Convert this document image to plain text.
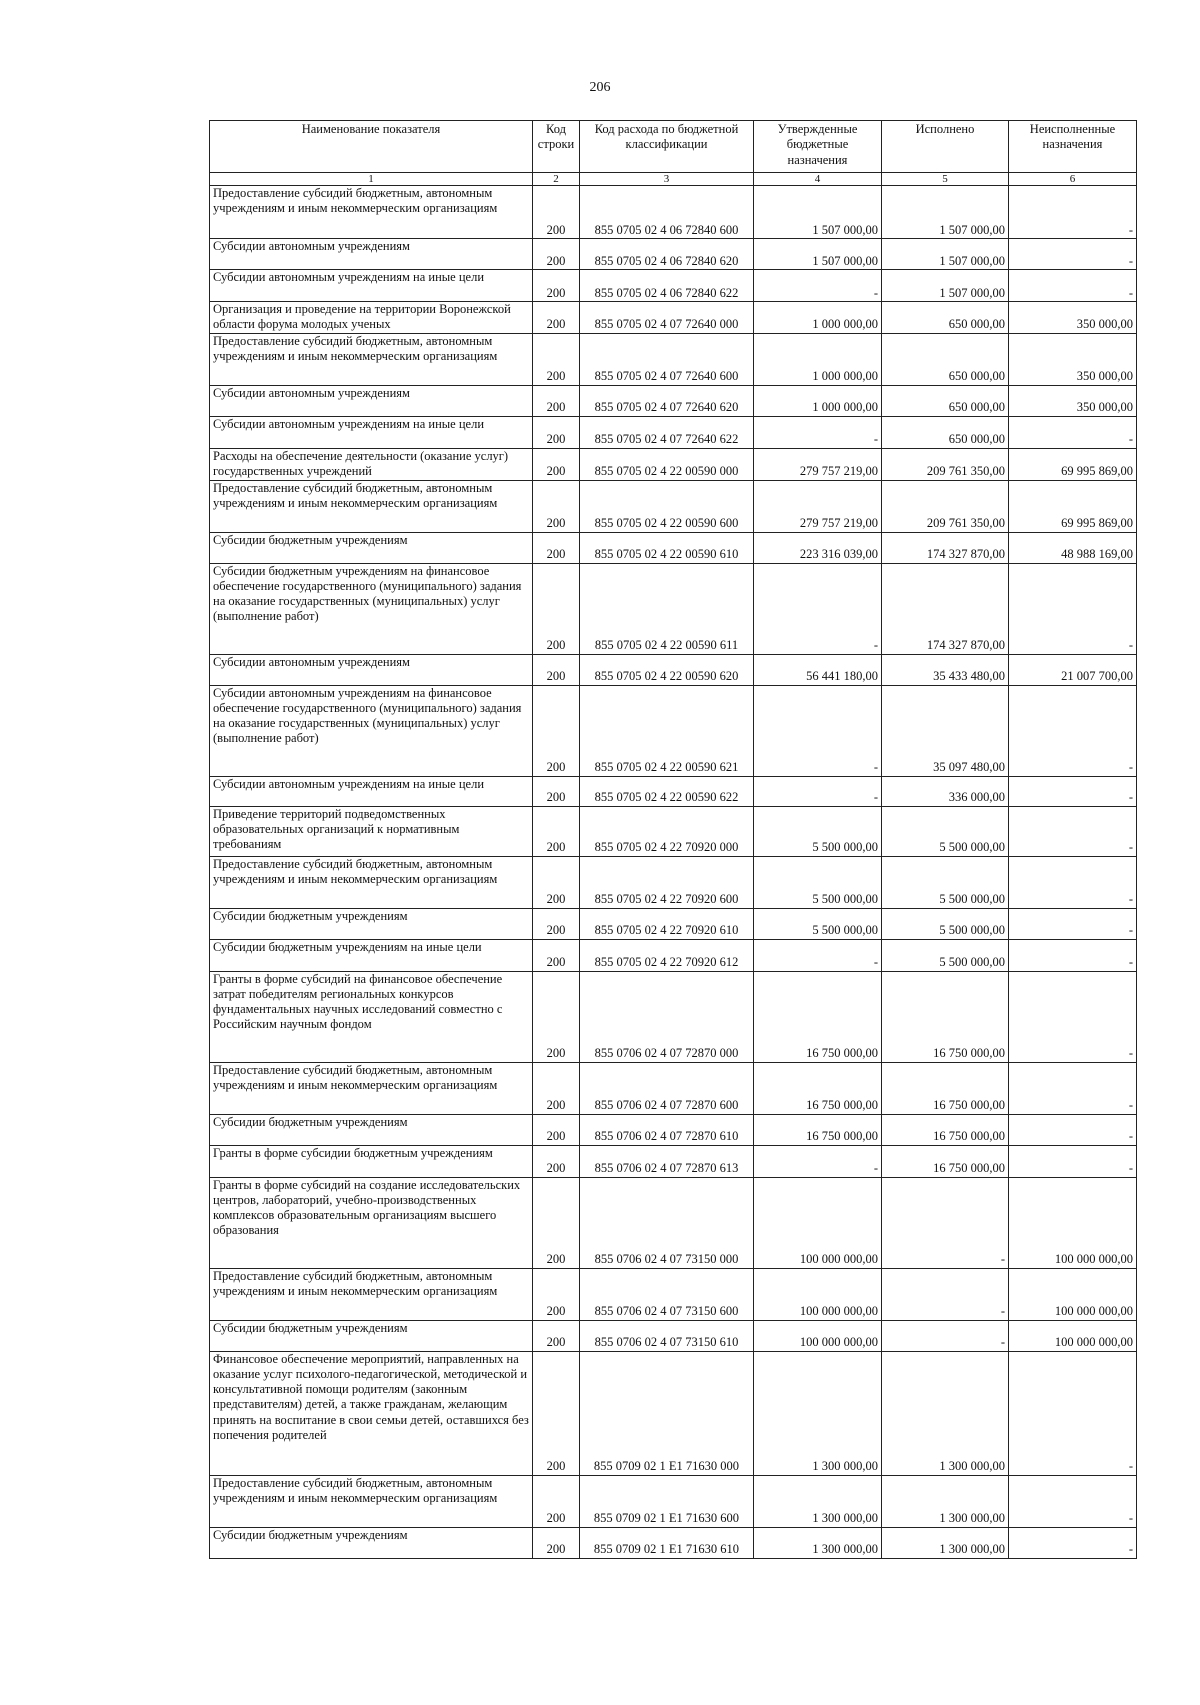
206
Наименование показателя	Код строки	Код расхода по бюджетной классификации	Утвержденные бюджетные назначения	Исполнено	Неисполненные назначения
1	2	3	4	5	6
Предоставление субсидий бюджетным, автономным учреждениям и иным некоммерческим организациям	200	855 0705 02 4 06 72840 600	1 507 000,00	1 507 000,00	-
Субсидии автономным учреждениям	200	855 0705 02 4 06 72840 620	1 507 000,00	1 507 000,00	-
Субсидии автономным учреждениям на иные цели	200	855 0705 02 4 06 72840 622	-	1 507 000,00	-
Организация и проведение на территории Воронежской области форума молодых ученых	200	855 0705 02 4 07 72640 000	1 000 000,00	650 000,00	350 000,00
Предоставление субсидий бюджетным, автономным учреждениям и иным некоммерческим организациям	200	855 0705 02 4 07 72640 600	1 000 000,00	650 000,00	350 000,00
Субсидии автономным учреждениям	200	855 0705 02 4 07 72640 620	1 000 000,00	650 000,00	350 000,00
Субсидии автономным учреждениям на иные цели	200	855 0705 02 4 07 72640 622	-	650 000,00	-
Расходы на обеспечение деятельности (оказание услуг) государственных учреждений	200	855 0705 02 4 22 00590 000	279 757 219,00	209 761 350,00	69 995 869,00
Предоставление субсидий бюджетным, автономным учреждениям и иным некоммерческим организациям	200	855 0705 02 4 22 00590 600	279 757 219,00	209 761 350,00	69 995 869,00
Субсидии бюджетным учреждениям	200	855 0705 02 4 22 00590 610	223 316 039,00	174 327 870,00	48 988 169,00
Субсидии бюджетным учреждениям на финансовое обеспечение государственного (муниципального) задания на оказание государственных (муниципальных) услуг (выполнение работ)	200	855 0705 02 4 22 00590 611	-	174 327 870,00	-
Субсидии автономным учреждениям	200	855 0705 02 4 22 00590 620	56 441 180,00	35 433 480,00	21 007 700,00
Субсидии автономным учреждениям на финансовое обеспечение государственного (муниципального) задания на оказание государственных (муниципальных) услуг (выполнение работ)	200	855 0705 02 4 22 00590 621	-	35 097 480,00	-
Субсидии автономным учреждениям на иные цели	200	855 0705 02 4 22 00590 622	-	336 000,00	-
Приведение территорий подведомственных образовательных организаций к нормативным требованиям	200	855 0705 02 4 22 70920 000	5 500 000,00	5 500 000,00	-
Предоставление субсидий бюджетным, автономным учреждениям и иным некоммерческим организациям	200	855 0705 02 4 22 70920 600	5 500 000,00	5 500 000,00	-
Субсидии бюджетным учреждениям	200	855 0705 02 4 22 70920 610	5 500 000,00	5 500 000,00	-
Субсидии бюджетным учреждениям на иные цели	200	855 0705 02 4 22 70920 612	-	5 500 000,00	-
Гранты в форме субсидий на финансовое обеспечение затрат победителям региональных конкурсов фундаментальных научных исследований совместно с Российским научным фондом	200	855 0706 02 4 07 72870 000	16 750 000,00	16 750 000,00	-
Предоставление субсидий бюджетным, автономным учреждениям и иным некоммерческим организациям	200	855 0706 02 4 07 72870 600	16 750 000,00	16 750 000,00	-
Субсидии бюджетным учреждениям	200	855 0706 02 4 07 72870 610	16 750 000,00	16 750 000,00	-
Гранты в форме субсидии бюджетным учреждениям	200	855 0706 02 4 07 72870 613	-	16 750 000,00	-
Гранты в форме субсидий на создание исследовательских центров, лабораторий, учебно-производственных комплексов образовательным организациям высшего образования	200	855 0706 02 4 07 73150 000	100 000 000,00	-	100 000 000,00
Предоставление субсидий бюджетным, автономным учреждениям и иным некоммерческим организациям	200	855 0706 02 4 07 73150 600	100 000 000,00	-	100 000 000,00
Субсидии бюджетным учреждениям	200	855 0706 02 4 07 73150 610	100 000 000,00	-	100 000 000,00
Финансовое обеспечение мероприятий, направленных на оказание услуг психолого-педагогической, методической и консультативной помощи родителям (законным представителям) детей, а также гражданам, желающим принять на воспитание в свои семьи детей, оставшихся без попечения родителей	200	855 0709 02 1 E1 71630 000	1 300 000,00	1 300 000,00	-
Предоставление субсидий бюджетным, автономным учреждениям и иным некоммерческим организациям	200	855 0709 02 1 E1 71630 600	1 300 000,00	1 300 000,00	-
Субсидии бюджетным учреждениям	200	855 0709 02 1 E1 71630 610	1 300 000,00	1 300 000,00	-
